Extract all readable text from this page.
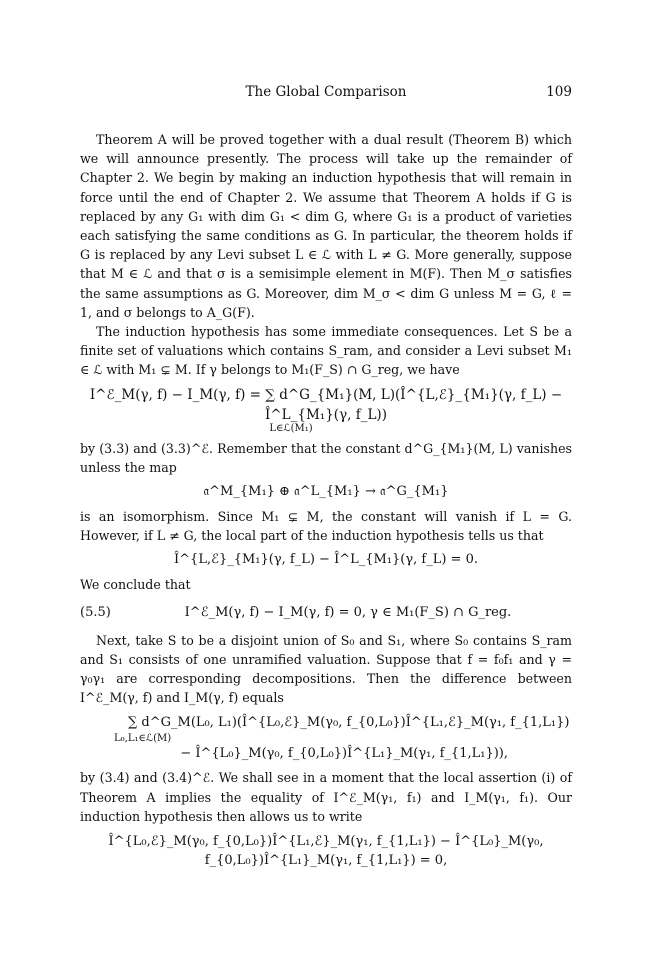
The Global Comparison	109

Theorem A will be proved together with a dual result (Theorem B) which we will announce presently. The process will take up the remainder of Chapter 2. We begin by making an induction hypothesis that will remain in force until the end of Chapter 2. We assume that Theorem A holds if G is replaced by any G₁ with dim G₁ < dim G, where G₁ is a product of varieties each satisfying the same conditions as G. In particular, the theorem holds if G is replaced by any Levi subset L ∈ ℒ with L ≠ G. More generally, suppose that M ∈ ℒ and that σ is a semisimple element in M(F). Then M_σ satisfies the same assumptions as G. Moreover, dim M_σ < dim G unless M = G, ℓ = 1, and σ belongs to A_G(F).

The induction hypothesis has some immediate consequences. Let S be a finite set of valuations which contains S_ram, and consider a Levi subset M₁ ∈ ℒ with M₁ ⊊ M. If γ belongs to M₁(F_S) ∩ G_reg, we have

I^ℰ_M(γ, f) − I_M(γ, f) = ∑ d^G_{M₁}(M, L)(Î^{L,ℰ}_{M₁}(γ, f_L) − Î^L_{M₁}(γ, f_L))
L∈ℒ(M₁)

by (3.3) and (3.3)^ℰ. Remember that the constant d^G_{M₁}(M, L) vanishes unless the map

𝔞^M_{M₁} ⊕ 𝔞^L_{M₁} → 𝔞^G_{M₁}

is an isomorphism. Since M₁ ⊊ M, the constant will vanish if L = G. However, if L ≠ G, the local part of the induction hypothesis tells us that

Î^{L,ℰ}_{M₁}(γ, f_L) − Î^L_{M₁}(γ, f_L) = 0.

We conclude that

(5.5)	I^ℰ_M(γ, f) − I_M(γ, f) = 0, γ ∈ M₁(F_S) ∩ G_reg.

Next, take S to be a disjoint union of S₀ and S₁, where S₀ contains S_ram and S₁ consists of one unramified valuation. Suppose that f = f₀f₁ and γ = γ₀γ₁ are corresponding decompositions. Then the difference between I^ℰ_M(γ, f) and I_M(γ, f) equals

∑ d^G_M(L₀, L₁)(Î^{L₀,ℰ}_M(γ₀, f_{0,L₀})Î^{L₁,ℰ}_M(γ₁, f_{1,L₁})
L₀,L₁∈ℒ(M)
− Î^{L₀}_M(γ₀, f_{0,L₀})Î^{L₁}_M(γ₁, f_{1,L₁})),

by (3.4) and (3.4)^ℰ. We shall see in a moment that the local assertion (i) of Theorem A implies the equality of I^ℰ_M(γ₁, f₁) and I_M(γ₁, f₁). Our induction hypothesis then allows us to write

Î^{L₀,ℰ}_M(γ₀, f_{0,L₀})Î^{L₁,ℰ}_M(γ₁, f_{1,L₁}) − Î^{L₀}_M(γ₀, f_{0,L₀})Î^{L₁}_M(γ₁, f_{1,L₁}) = 0,
